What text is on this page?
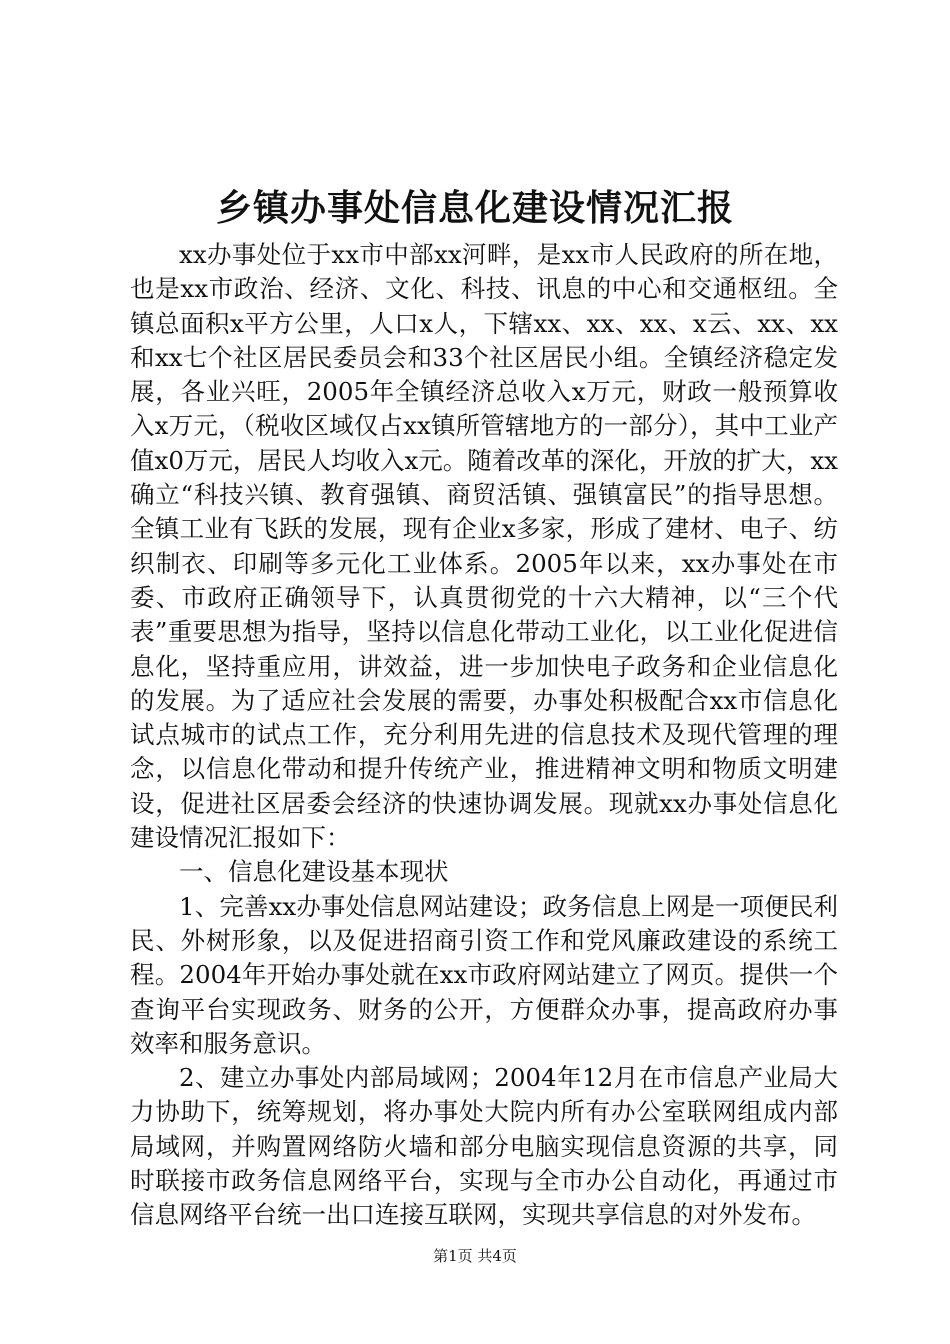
乡镇办事处信息化建设情况汇报

xx办事处位于xx市中部xx河畔，是xx市人民政府的所在地，也是xx市政治、经济、文化、科技、讯息的中心和交通枢纽。全镇总面积x平方公里，人口x人，下辖xx、xx、xx、x云、xx、xx和xx七个社区居民委员会和33个社区居民小组。全镇经济稳定发展，各业兴旺，2005年全镇经济总收入x万元，财政一般预算收入x万元，（税收区域仅占xx镇所管辖地方的一部分），其中工业产值x0万元，居民人均收入x元。随着改革的深化，开放的扩大，xx确立“科技兴镇、教育强镇、商贸活镇、强镇富民”的指导思想。全镇工业有飞跃的发展，现有企业x多家，形成了建材、电子、纺织制衣、印刷等多元化工业体系。2005年以来，xx办事处在市委、市政府正确领导下，认真贯彻党的十六大精神，以“三个代表”重要思想为指导，坚持以信息化带动工业化，以工业化促进信息化，坚持重应用，讲效益，进一步加快电子政务和企业信息化的发展。为了适应社会发展的需要，办事处积极配合xx市信息化试点城市的试点工作，充分利用先进的信息技术及现代管理的理念，以信息化带动和提升传统产业，推进精神文明和物质文明建设，促进社区居委会经济的快速协调发展。现就xx办事处信息化建设情况汇报如下：

一、信息化建设基本现状

1、完善xx办事处信息网站建设；政务信息上网是一项便民利民、外树形象，以及促进招商引资工作和党风廉政建设的系统工程。2004年开始办事处就在xx市政府网站建立了网页。提供一个查询平台实现政务、财务的公开，方便群众办事，提高政府办事效率和服务意识。

2、建立办事处内部局域网；2004年12月在市信息产业局大力协助下，统筹规划，将办事处大院内所有办公室联网组成内部局域网，并购置网络防火墙和部分电脑实现信息资源的共享，同时联接市政务信息网络平台，实现与全市办公自动化，再通过市信息网络平台统一出口连接互联网，实现共享信息的对外发布。

第1页 共4页
